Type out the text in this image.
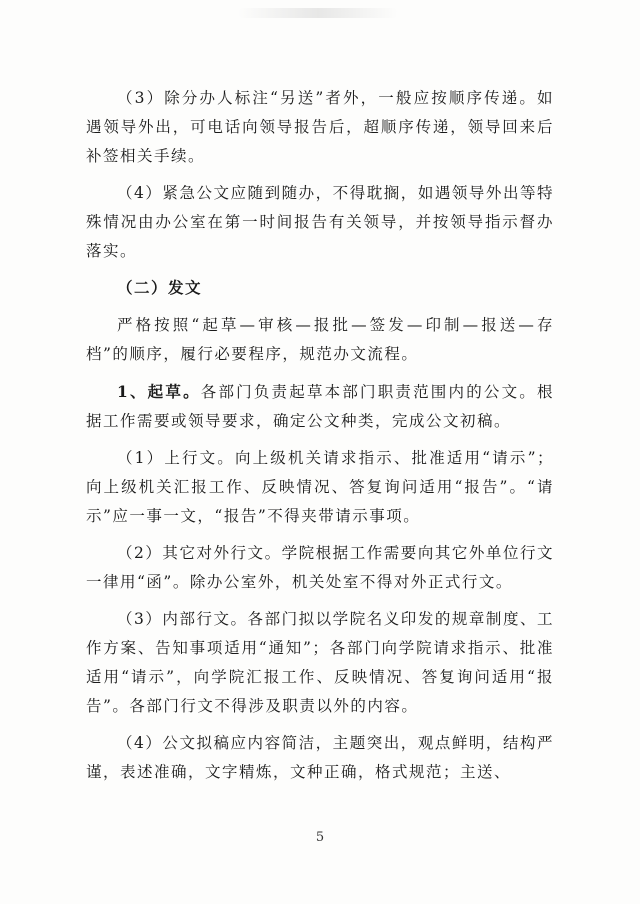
（3）除分办人标注“另送”者外，一般应按顺序传递。如遇领导外出，可电话向领导报告后，超顺序传递，领导回来后补签相关手续。

（4）紧急公文应随到随办，不得耽搁，如遇领导外出等特殊情况由办公室在第一时间报告有关领导，并按领导指示督办落实。

（二）发文

严格按照“起草—审核—报批—签发—印制—报送—存档”的顺序，履行必要程序，规范办文流程。

1、起草。各部门负责起草本部门职责范围内的公文。根据工作需要或领导要求，确定公文种类，完成公文初稿。

（1）上行文。向上级机关请求指示、批准适用“请示”；向上级机关汇报工作、反映情况、答复询问适用“报告”。“请示”应一事一文，“报告”不得夹带请示事项。

（2）其它对外行文。学院根据工作需要向其它外单位行文一律用“函”。除办公室外，机关处室不得对外正式行文。

（3）内部行文。各部门拟以学院名义印发的规章制度、工作方案、告知事项适用“通知”；各部门向学院请求指示、批准适用“请示”，向学院汇报工作、反映情况、答复询问适用“报告”。各部门行文不得涉及职责以外的内容。

（4）公文拟稿应内容简洁，主题突出，观点鲜明，结构严谨，表述准确，文字精炼，文种正确，格式规范；主送、

5
